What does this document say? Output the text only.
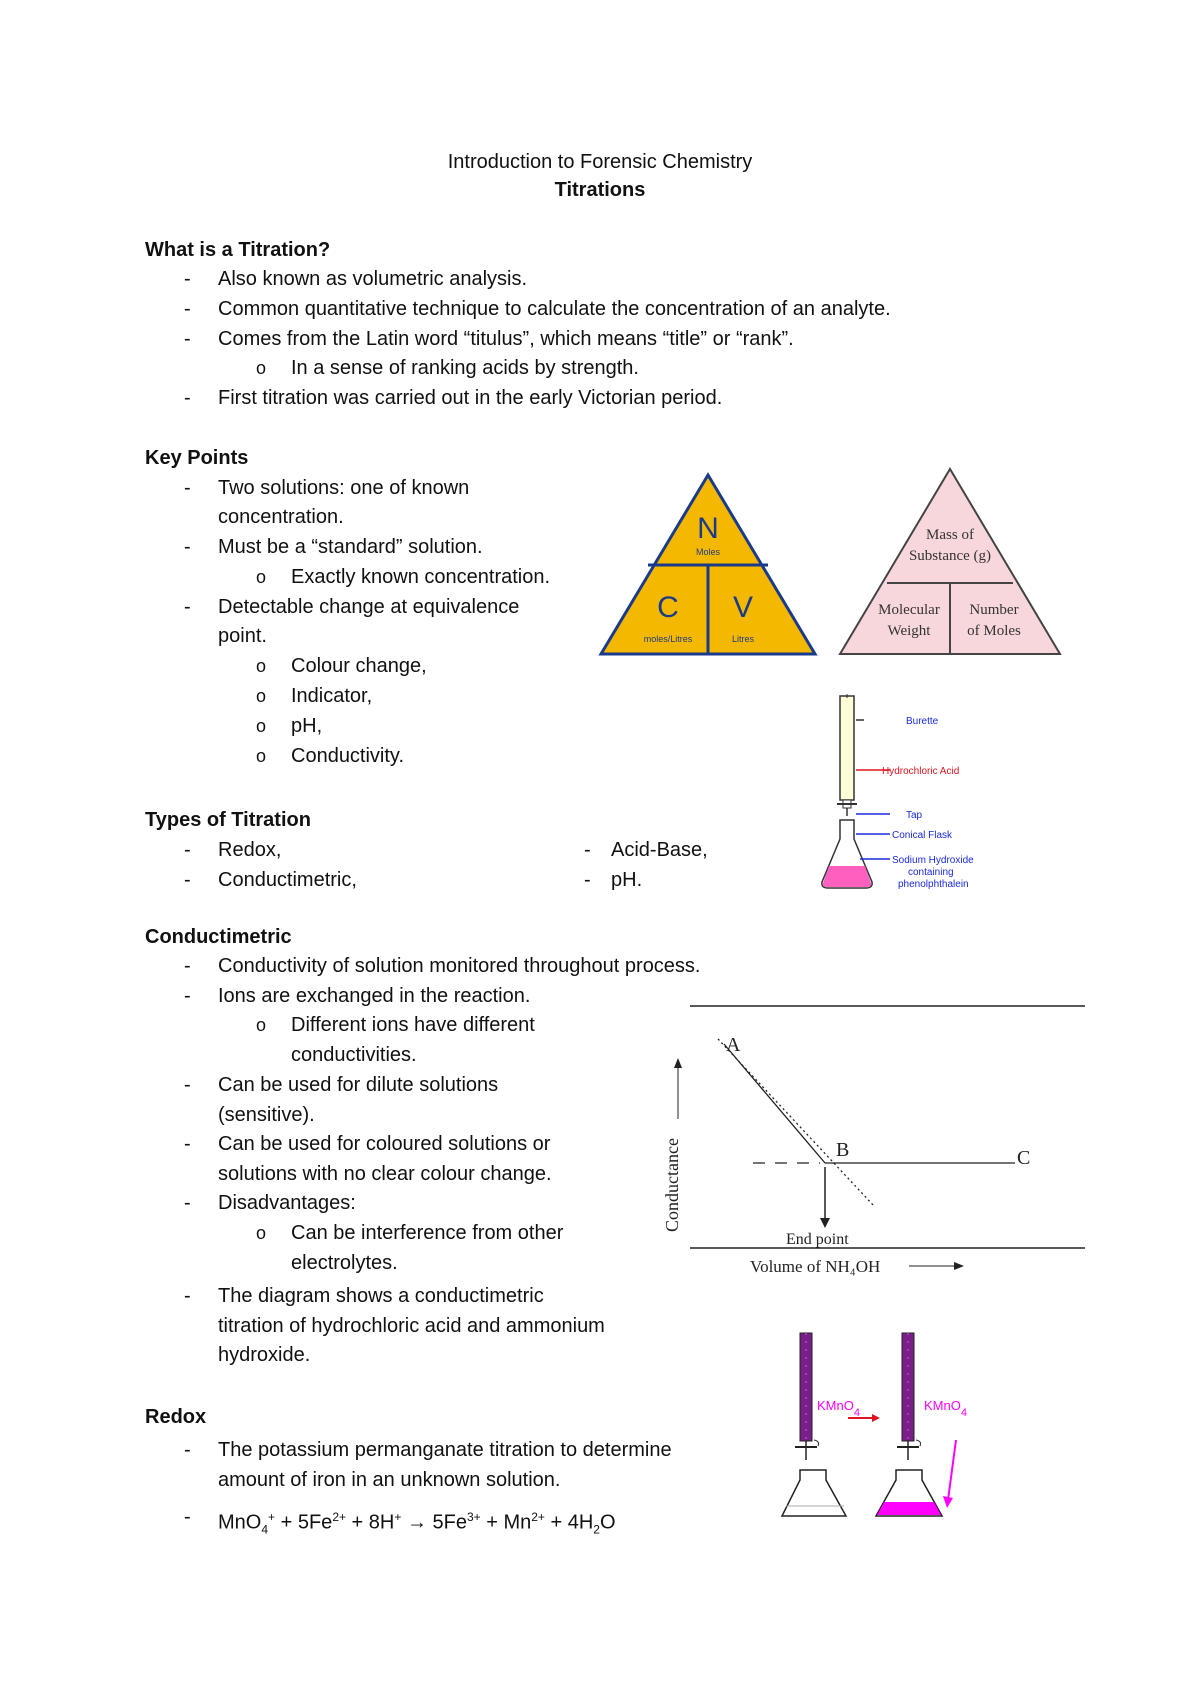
Introduction to Forensic Chemistry
Titrations
What is a Titration?
- Also known as volumetric analysis.
- Common quantitative technique to calculate the concentration of an analyte.
- Comes from the Latin word “titulus”, which means “title” or “rank”.
o In a sense of ranking acids by strength.
- First titration was carried out in the early Victorian period.
Key Points
- Two solutions: one of known
concentration.
- Must be a “standard” solution.
o Exactly known concentration.
- Detectable change at equivalence
point.
o Colour change,
o Indicator,
o pH,
o Conductivity.
Types of Titration
- Redox,
- Conductimetric,
- Acid-Base,
- pH.
Conductimetric
- Conductivity of solution monitored throughout process.
- Ions are exchanged in the reaction.
o Different ions have different
conductivities.
- Can be used for dilute solutions
(sensitive).
- Can be used for coloured solutions or
solutions with no clear colour change.
- Disadvantages:
o Can be interference from other
electrolytes.
- The diagram shows a conductimetric
titration of hydrochloric acid and ammonium
hydroxide.
Redox
- The potassium permanganate titration to determine
amount of iron in an unknown solution.
- $MnO_4^+ + 5Fe^{2+} + 8H^+ \to 5Fe^{3+} + Mn^{2+} + 4H_2O$
N
Moles
C
moles/Litres
V
Litres
Mass of
Substance (g)
Molecular
Weight
Number
of Moles
Burette
Hydrochloric Acid
Tap
Conical Flask
Sodium Hydroxide
containing
phenolphthalein
A
B	C
End point
Conductance
Volume of NH₄OH
KMnO$_4$	KMnO$_4$
